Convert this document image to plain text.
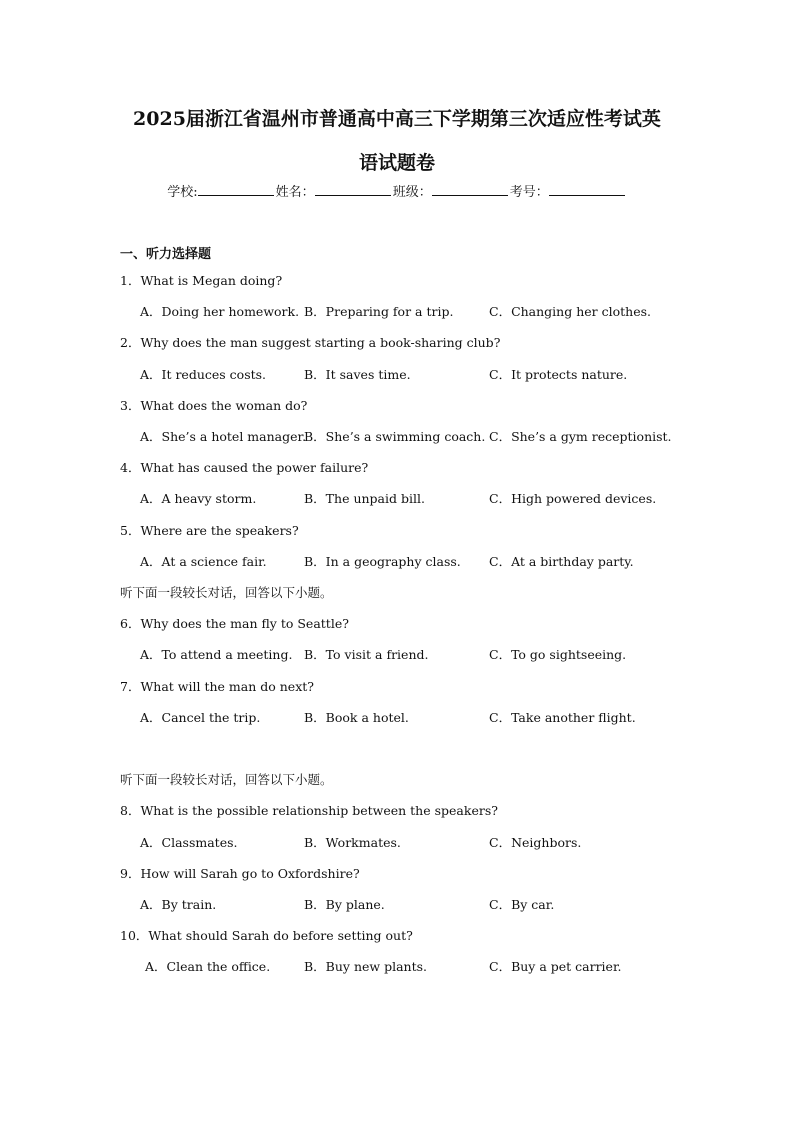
2025届浙江省温州市普通高中高三下学期第三次适应性考试英
语试题卷
学校:	姓名：	班级：	考号：
一、听力选择题
1．What is Megan doing?
A．Doing her homework. B．Preparing for a trip.	C．Changing her clothes.
2．Why does the man suggest starting a book-sharing club?
A．It reduces costs.	B．It saves time.	C．It protects nature.
3．What does the woman do?
A．She’s a hotel manager.
B．She’s a swimming coach. C．She’s a gym receptionist.
4．What has caused the power failure?
A．A heavy storm.	B．The unpaid bill.	C．High powered devices.
5．Where are the speakers?
A．At a science fair.	B．In a geography class. C．At a birthday party.
听下面一段较长对话，回答以下小题。
6．Why does the man fly to Seattle?
A．To attend a meeting. B．To visit a friend.	C．To go sightseeing.
7．What will the man do next?
A．Cancel the trip.	B．Book a hotel.	C．Take another flight.
听下面一段较长对话，回答以下小题。
8．What is the possible relationship between the speakers?
A．Classmates.	B．Workmates.	C．Neighbors.
9．How will Sarah go to Oxfordshire?
A．By train.	B．By plane.	C．By car.
10．What should Sarah do before setting out?
A．Clean the office.	B．Buy new plants.	C．Buy a pet carrier.
